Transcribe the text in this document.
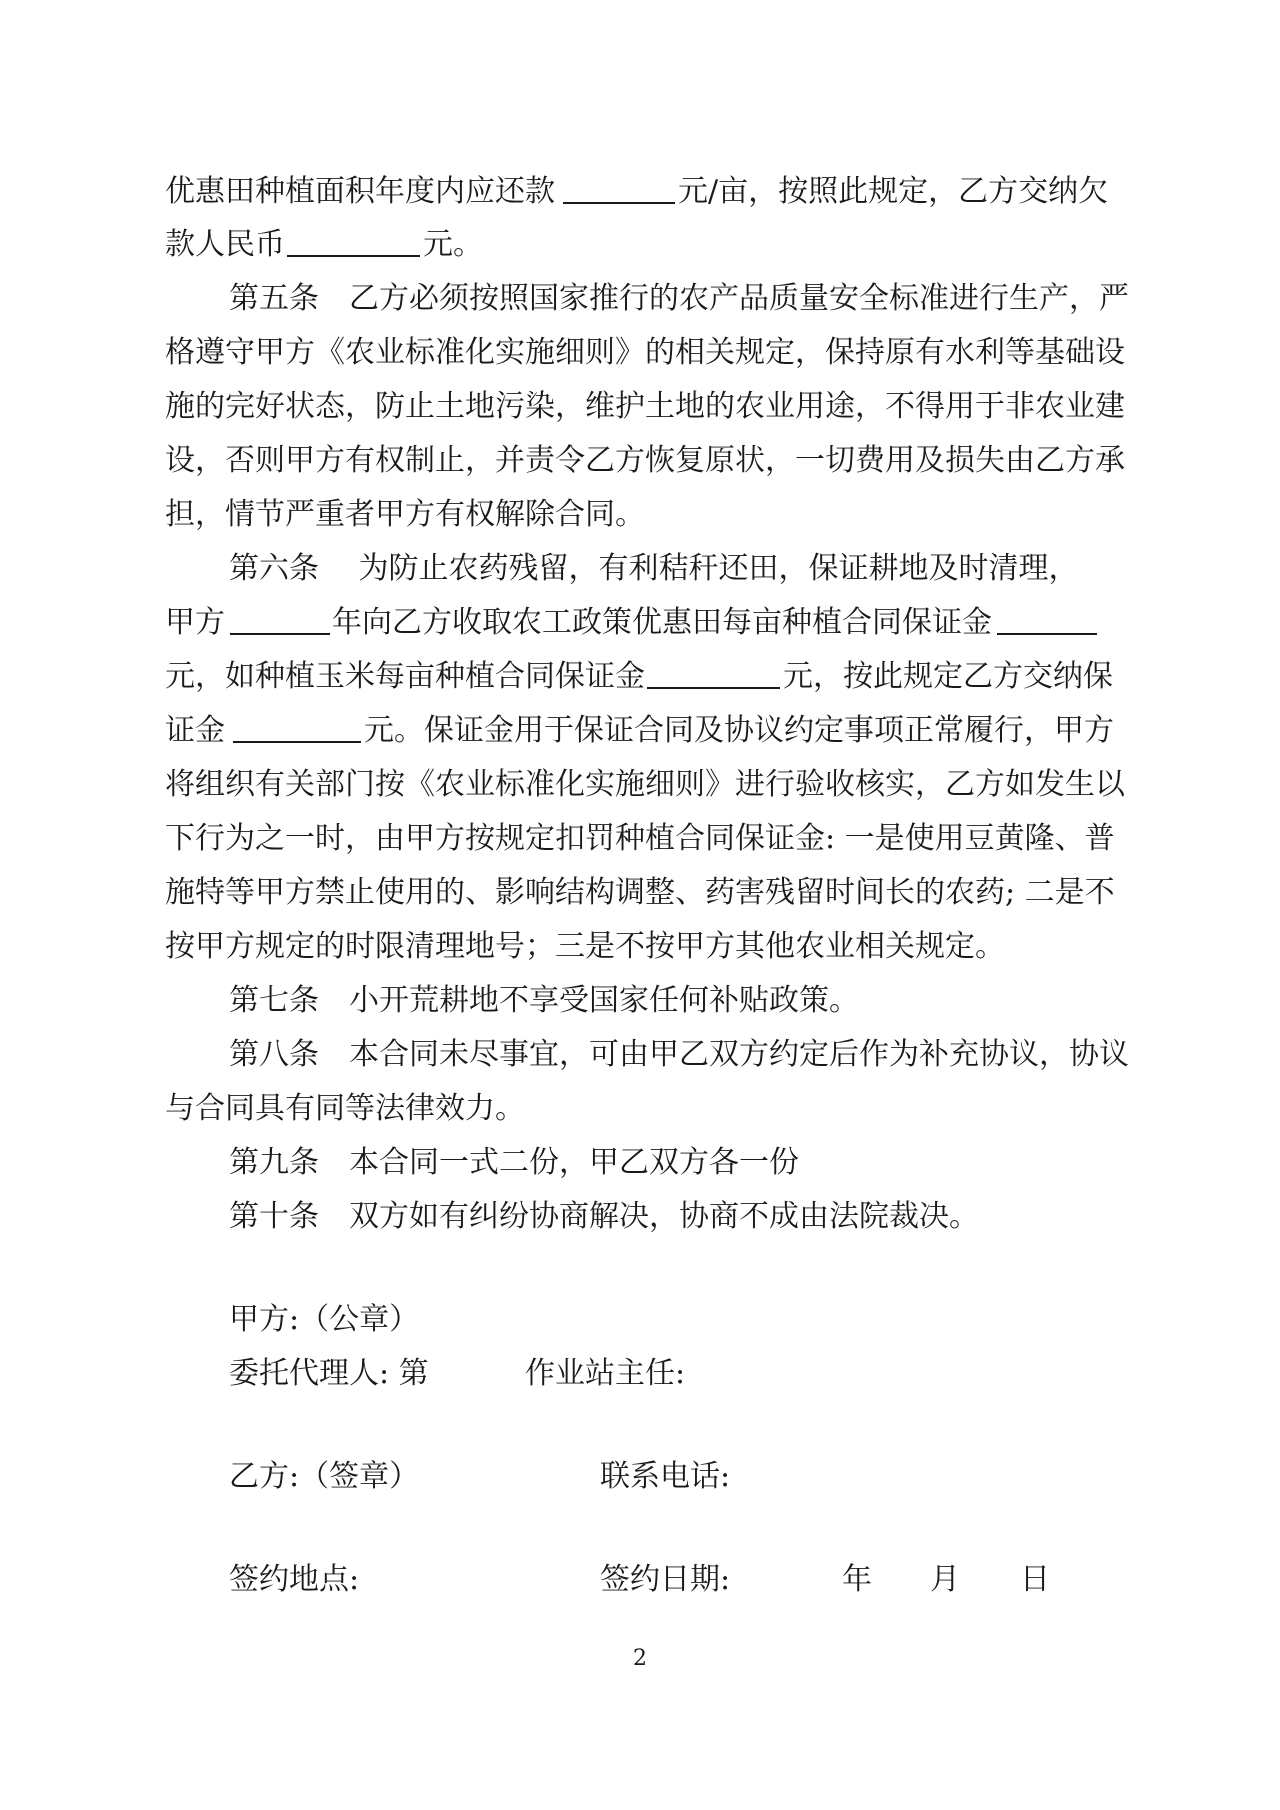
优惠田种植面积年度内应还款	元/亩，按照此规定，乙方交纳欠
款人民币	元。
第五条　乙方必须按照国家推行的农产品质量安全标准进行生产，严
格遵守甲方《农业标准化实施细则》的相关规定，保持原有水利等基础设
施的完好状态，防止土地污染，维护土地的农业用途，不得用于非农业建
设，否则甲方有权制止，并责令乙方恢复原状，一切费用及损失由乙方承
担，情节严重者甲方有权解除合同。
第六条　 为防止农药残留，有利秸秆还田，保证耕地及时清理，
甲方	年向乙方收取农工政策优惠田每亩种植合同保证金
元，如种植玉米每亩种植合同保证金	元，按此规定乙方交纳保
证金	元。保证金用于保证合同及协议约定事项正常履行，甲方
将组织有关部门按《农业标准化实施细则》进行验收核实，乙方如发生以
下行为之一时，由甲方按规定扣罚种植合同保证金: 一是使用豆黄隆、普
施特等甲方禁止使用的、影响结构调整、药害残留时间长的农药; 二是不
按甲方规定的时限清理地号；三是不按甲方其他农业相关规定。
第七条　小开荒耕地不享受国家任何补贴政策。
第八条　本合同未尽事宜，可由甲乙双方约定后作为补充协议，协议
与合同具有同等法律效力。
第九条　本合同一式二份，甲乙双方各一份
第十条　双方如有纠纷协商解决，协商不成由法院裁决。
甲方:（公章）
委托代理人: 第	作业站主任:
乙方:（签章）	联系电话:
签约地点:	签约日期:	年 月 日
2
